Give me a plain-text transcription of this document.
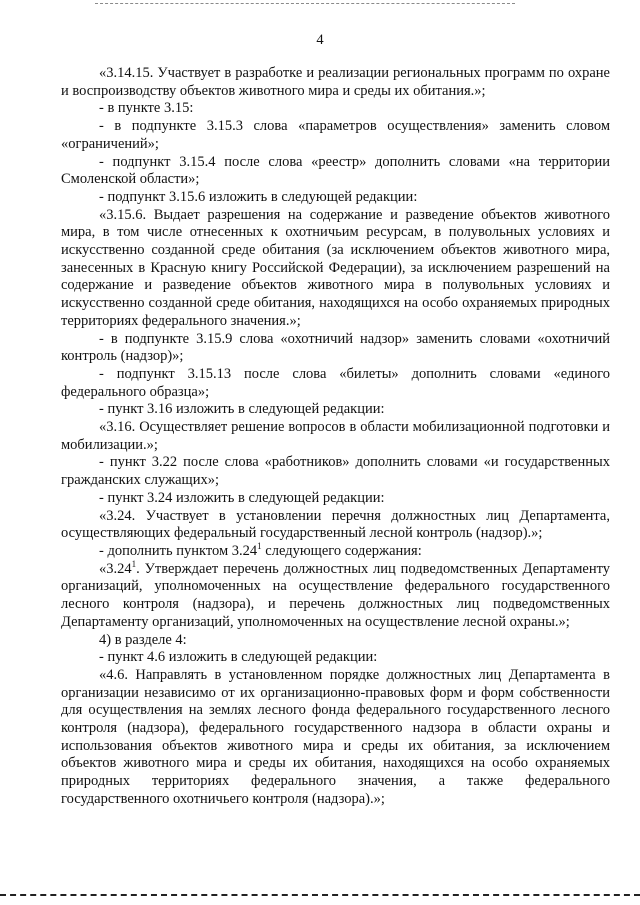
4

«3.14.15. Участвует в разработке и реализации региональных программ по охране и воспроизводству объектов животного мира и среды их обитания.»;

- в пункте 3.15:

- в подпункте 3.15.3 слова «параметров осуществления» заменить словом «ограничений»;

- подпункт 3.15.4 после слова «реестр» дополнить словами «на территории Смоленской области»;

- подпункт 3.15.6 изложить в следующей редакции:

«3.15.6. Выдает разрешения на содержание и разведение объектов животного мира, в том числе отнесенных к охотничьим ресурсам, в полувольных условиях и искусственно созданной среде обитания (за исключением объектов животного мира, занесенных в Красную книгу Российской Федерации), за исключением разрешений на содержание и разведение объектов животного мира в полувольных условиях и искусственно созданной среде обитания, находящихся на особо охраняемых природных территориях федерального значения.»;

- в подпункте 3.15.9 слова «охотничий надзор» заменить словами «охотничий контроль (надзор)»;

- подпункт 3.15.13 после слова «билеты» дополнить словами «единого федерального образца»;

- пункт 3.16 изложить в следующей редакции:

«3.16. Осуществляет решение вопросов в области мобилизационной подготовки и мобилизации.»;

- пункт 3.22 после слова «работников» дополнить словами «и государственных гражданских служащих»;

- пункт 3.24 изложить в следующей редакции:

«3.24. Участвует в установлении перечня должностных лиц Департамента, осуществляющих федеральный государственный лесной контроль (надзор).»;

- дополнить пунктом 3.24$^1$ следующего содержания:

«3.24$^1$. Утверждает перечень должностных лиц подведомственных Департаменту организаций, уполномоченных на осуществление федерального государственного лесного контроля (надзора), и перечень должностных лиц подведомственных Департаменту организаций, уполномоченных на осуществление лесной охраны.»;

4) в разделе 4:

- пункт 4.6 изложить в следующей редакции:

«4.6. Направлять в установленном порядке должностных лиц Департамента в организации независимо от их организационно-правовых форм и форм собственности для осуществления на землях лесного фонда федерального государственного лесного контроля (надзора), федерального государственного надзора в области охраны и использования объектов животного мира и среды их обитания, за исключением объектов животного мира и среды их обитания, находящихся на особо охраняемых природных территориях федерального значения, а также федерального государственного охотничьего контроля (надзора).»;
